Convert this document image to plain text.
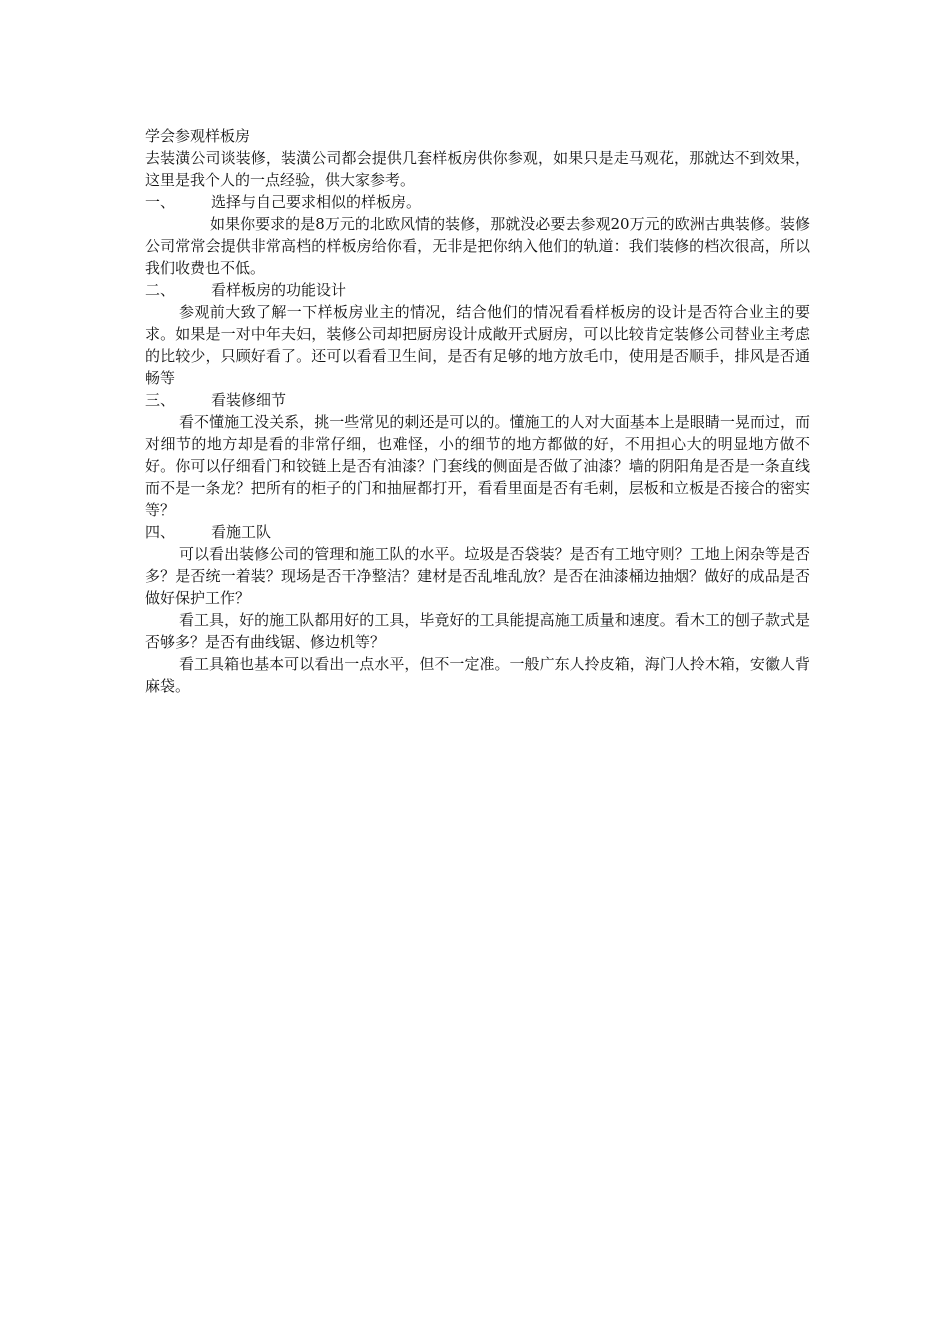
学会参观样板房

去装潢公司谈装修，装潢公司都会提供几套样板房供你参观，如果只是走马观花，那就达不到效果，这里是我个人的一点经验，供大家参考。

一、	选择与自己要求相似的样板房。

如果你要求的是8万元的北欧风情的装修，那就没必要去参观20万元的欧洲古典装修。装修公司常常会提供非常高档的样板房给你看，无非是把你纳入他们的轨道：我们装修的档次很高，所以我们收费也不低。

二、	看样板房的功能设计

参观前大致了解一下样板房业主的情况，结合他们的情况看看样板房的设计是否符合业主的要求。如果是一对中年夫妇，装修公司却把厨房设计成敞开式厨房，可以比较肯定装修公司替业主考虑的比较少，只顾好看了。还可以看看卫生间，是否有足够的地方放毛巾，使用是否顺手，排风是否通畅等

三、	看装修细节

看不懂施工没关系，挑一些常见的刺还是可以的。懂施工的人对大面基本上是眼睛一晃而过，而对细节的地方却是看的非常仔细，也难怪，小的细节的地方都做的好，不用担心大的明显地方做不好。你可以仔细看门和铰链上是否有油漆？门套线的侧面是否做了油漆？墙的阴阳角是否是一条直线而不是一条龙？把所有的柜子的门和抽屉都打开，看看里面是否有毛刺，层板和立板是否接合的密实等？

四、	看施工队

可以看出装修公司的管理和施工队的水平。垃圾是否袋装？是否有工地守则？工地上闲杂等是否多？是否统一着装？现场是否干净整洁？建材是否乱堆乱放？是否在油漆桶边抽烟？做好的成品是否做好保护工作？

看工具，好的施工队都用好的工具，毕竟好的工具能提高施工质量和速度。看木工的刨子款式是否够多？是否有曲线锯、修边机等？

看工具箱也基本可以看出一点水平，但不一定准。一般广东人拎皮箱，海门人拎木箱，安徽人背麻袋。
